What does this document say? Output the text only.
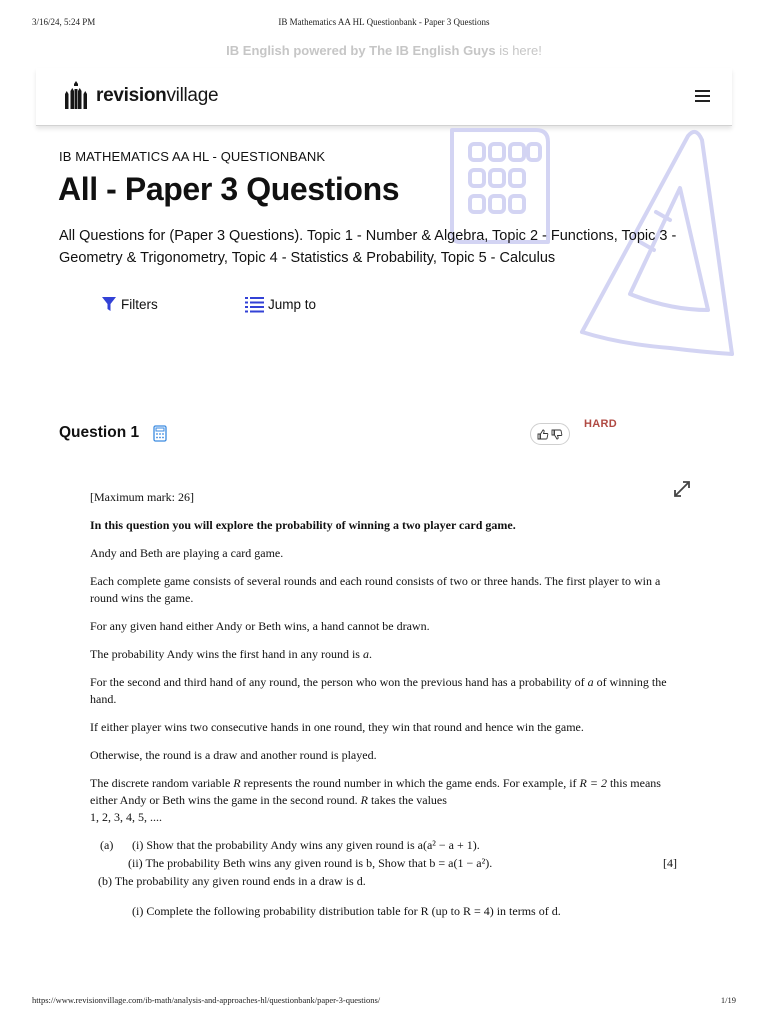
3/16/24, 5:24 PM	IB Mathematics AA HL Questionbank - Paper 3 Questions
IB English powered by The IB English Guys is here!
revisionvillage
IB MATHEMATICS AA HL - QUESTIONBANK
All - Paper 3 Questions
All Questions for (Paper 3 Questions). Topic 1 - Number & Algebra, Topic 2 - Functions, Topic 3 - Geometry & Trigonometry, Topic 4 - Statistics & Probability, Topic 5 - Calculus
Filters	Jump to
Question 1	HARD

[Maximum mark: 26]

In this question you will explore the probability of winning a two player card game.

Andy and Beth are playing a card game.

Each complete game consists of several rounds and each round consists of two or three hands. The first player to win a round wins the game.

For any given hand either Andy or Beth wins, a hand cannot be drawn.

The probability Andy wins the first hand in any round is a.

For the second and third hand of any round, the person who won the previous hand has a probability of a of winning the hand.

If either player wins two consecutive hands in one round, they win that round and hence win the game.

Otherwise, the round is a draw and another round is played.

The discrete random variable R represents the round number in which the game ends. For example, if R = 2 this means either Andy or Beth wins the game in the second round. R takes the values
1, 2, 3, 4, 5, ....

(a) (i) Show that the probability Andy wins any given round is a(a² − a + 1).
(ii) The probability Beth wins any given round is b, Show that b = a(1 − a²).	[4]
(b) The probability any given round ends in a draw is d.
(i) Complete the following probability distribution table for R (up to R = 4) in terms of d.
https://www.revisionvillage.com/ib-math/analysis-and-approaches-hl/questionbank/paper-3-questions/	1/19
